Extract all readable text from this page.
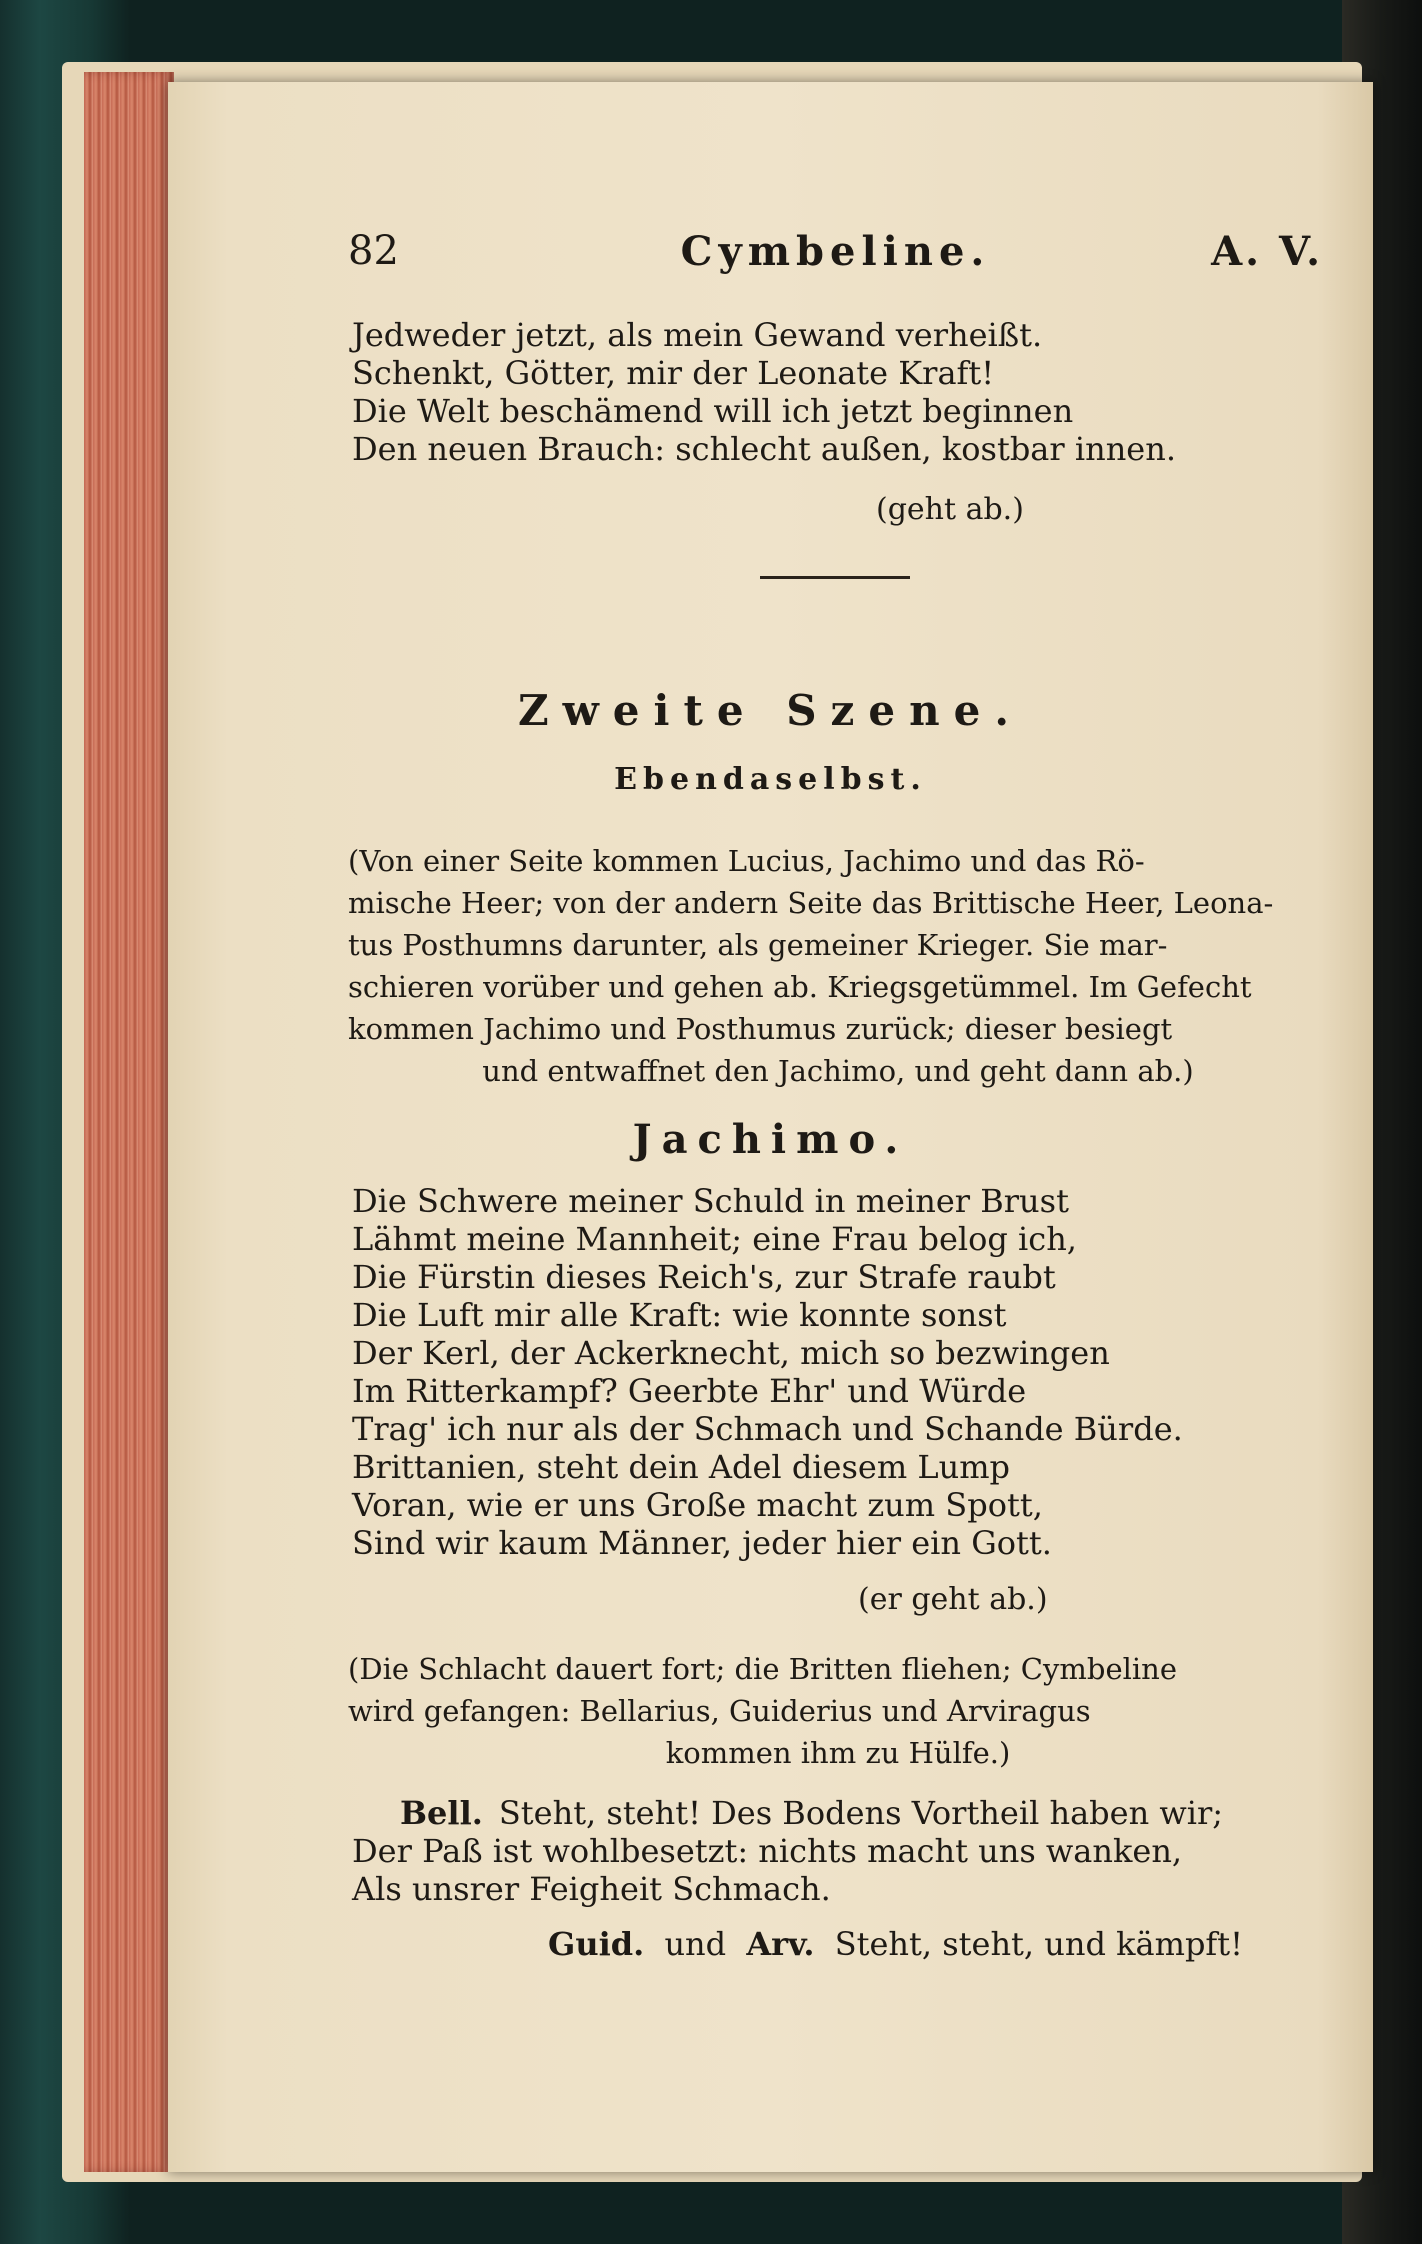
82	Cymbeline.	A. V.
Jedweder jetzt, als mein Gewand verheißt.
Schenkt, Götter, mir der Leonate Kraft!
Die Welt beschämend will ich jetzt beginnen
Den neuen Brauch: schlecht außen, kostbar innen.
(geht ab.)
Zweite Szene.
Ebendaselbst.
(Von einer Seite kommen Lucius, Jachimo und das Rö-
mische Heer; von der andern Seite das Brittische Heer, Leona-
tus Posthumns darunter, als gemeiner Krieger. Sie mar-
schieren vorüber und gehen ab. Kriegsgetümmel. Im Gefecht
kommen Jachimo und Posthumus zurück; dieser besiegt
und entwaffnet den Jachimo, und geht dann ab.)
Jachimo.
Die Schwere meiner Schuld in meiner Brust
Lähmt meine Mannheit; eine Frau belog ich,
Die Fürstin dieses Reich's, zur Strafe raubt
Die Luft mir alle Kraft: wie konnte sonst
Der Kerl, der Ackerknecht, mich so bezwingen
Im Ritterkampf? Geerbte Ehr' und Würde
Trag' ich nur als der Schmach und Schande Bürde.
Brittanien, steht dein Adel diesem Lump
Voran, wie er uns Große macht zum Spott,
Sind wir kaum Männer, jeder hier ein Gott.
(er geht ab.)
(Die Schlacht dauert fort; die Britten fliehen; Cymbeline
wird gefangen: Bellarius, Guiderius und Arviragus
kommen ihm zu Hülfe.)
Bell. Steht, steht! Des Bodens Vortheil haben wir;
Der Paß ist wohlbesetzt: nichts macht uns wanken,
Als unsrer Feigheit Schmach.
Guid. und Arv. Steht, steht, und kämpft!
